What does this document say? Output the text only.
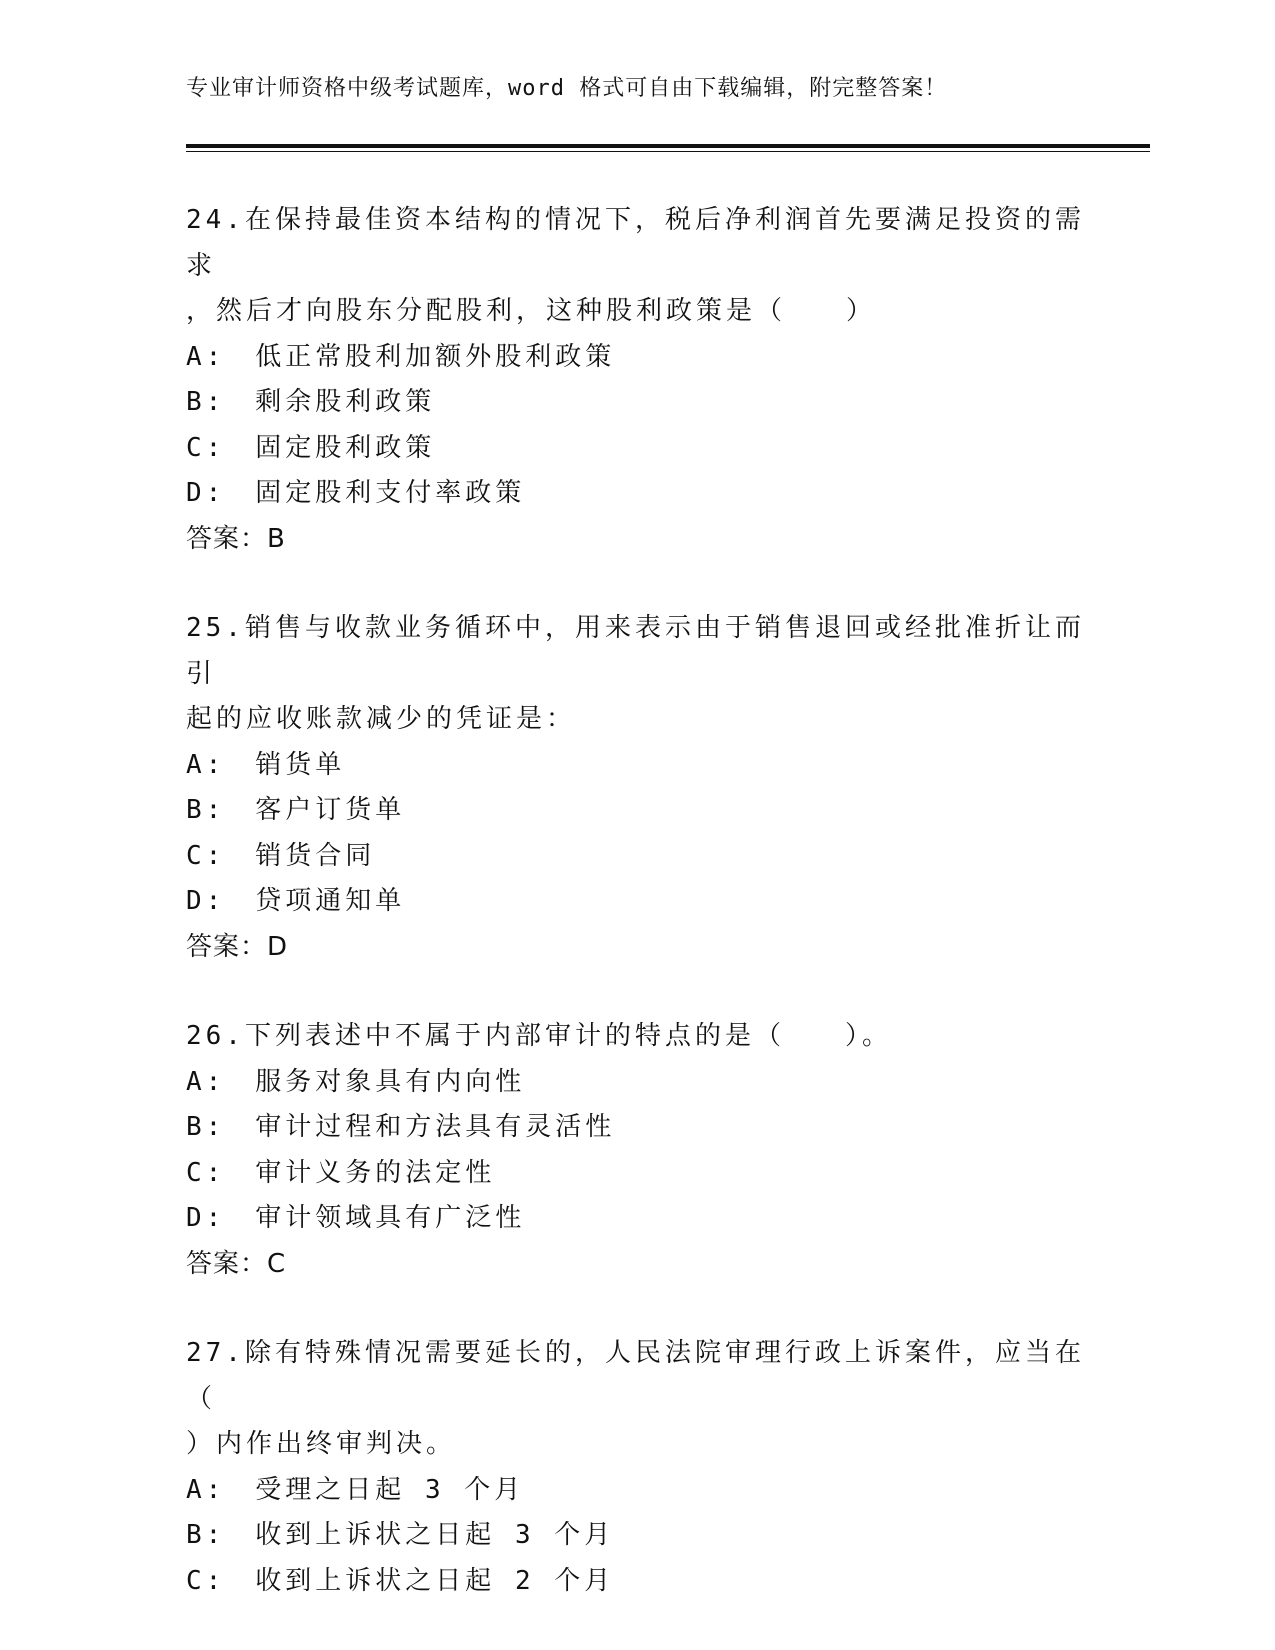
专业审计师资格中级考试题库，word 格式可自由下载编辑，附完整答案！
24.在保持最佳资本结构的情况下，税后净利润首先要满足投资的需求
，然后才向股东分配股利，这种股利政策是（　　）
A:　低正常股利加额外股利政策
B:　剩余股利政策
C:　固定股利政策
D:　固定股利支付率政策
答案：B
25.销售与收款业务循环中，用来表示由于销售退回或经批准折让而引
起的应收账款减少的凭证是：
A:　销货单
B:　客户订货单
C:　销货合同
D:　贷项通知单
答案：D
26.下列表述中不属于内部审计的特点的是（　　）。
A:　服务对象具有内向性
B:　审计过程和方法具有灵活性
C:　审计义务的法定性
D:　审计领域具有广泛性
答案：C
27.除有特殊情况需要延长的，人民法院审理行政上诉案件，应当在（
）内作出终审判决。
A:　受理之日起 3 个月
B:　收到上诉状之日起 3 个月
C:　收到上诉状之日起 2 个月
